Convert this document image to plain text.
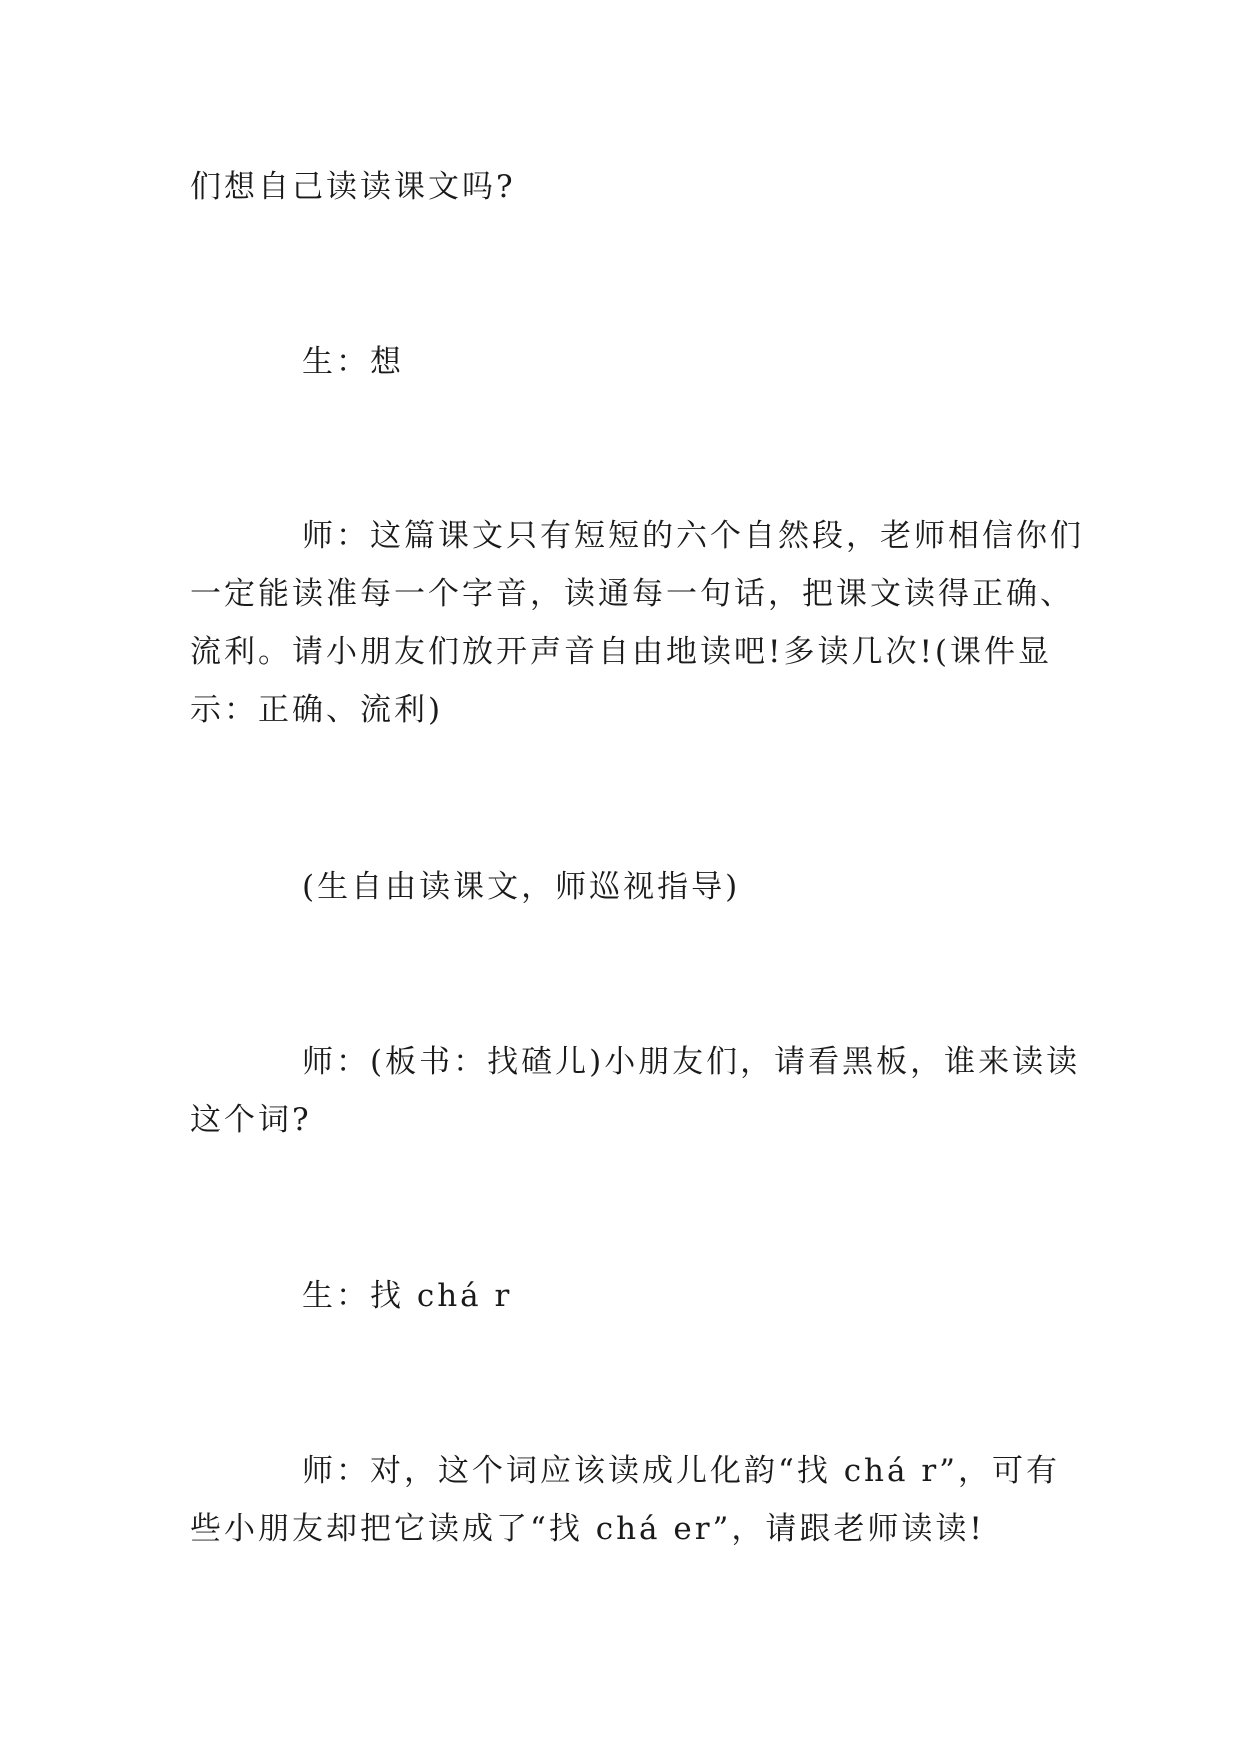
们想自己读读课文吗?
生：想
师：这篇课文只有短短的六个自然段，老师相信你们
一定能读准每一个字音，读通每一句话，把课文读得正确、
流利。请小朋友们放开声音自由地读吧!多读几次!(课件显
示：正确、流利)
(生自由读课文，师巡视指导)
师：(板书：找碴儿)小朋友们，请看黑板，谁来读读
这个词?
生：找 chá r
师：对，这个词应该读成儿化韵“找 chá r”，可有
些小朋友却把它读成了“找 chá er”，请跟老师读读!
